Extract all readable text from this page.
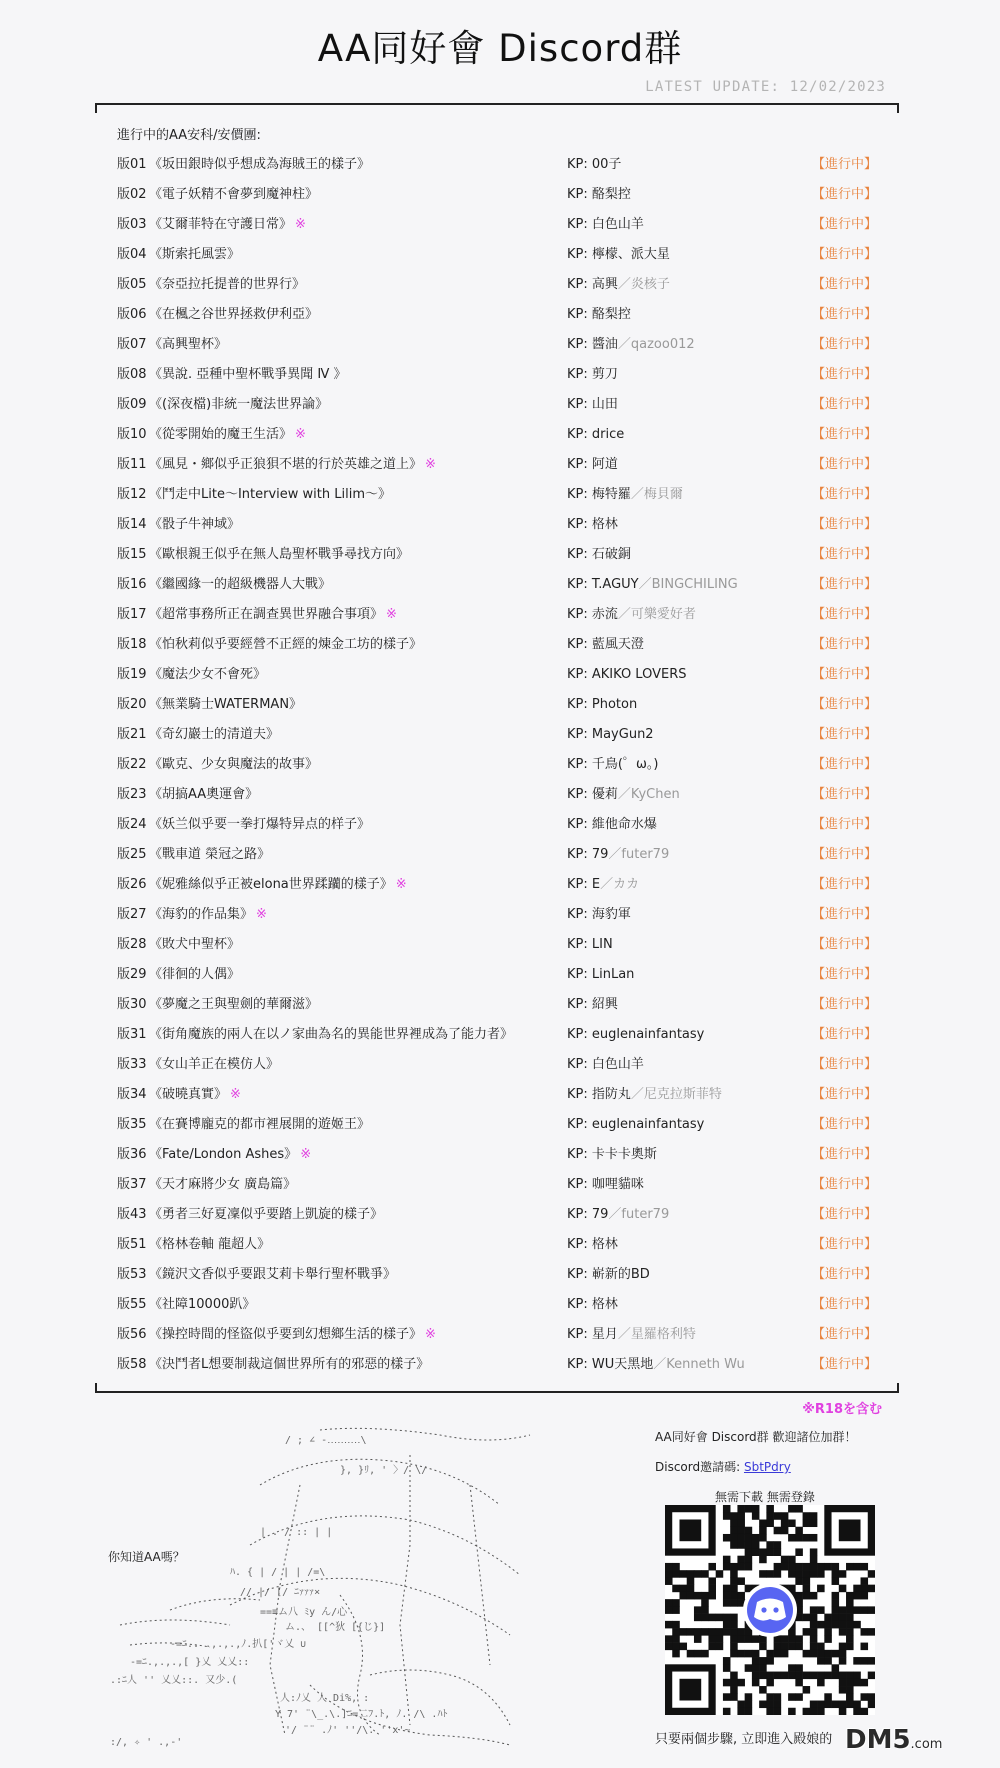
AA同好會 Discord群
LATEST UPDATE: 12/02/2023
進行中的AA安科/安價團:
版01 《坂田銀時似乎想成為海賊王的樣子》	KP: 00子	【進行中】
版02 《電子妖精不會夢到魔神柱》	KP: 酪梨控	【進行中】
版03 《艾爾菲特在守護日常》 ※	KP: 白色山羊	【進行中】
版04 《斯索托風雲》	KP: 檸檬、派大星	【進行中】
版05 《奈亞拉托提普的世界行》	KP: 高興／炎核子	【進行中】
版06 《在楓之谷世界拯救伊利亞》	KP: 酪梨控	【進行中】
版07 《高興聖杯》	KP: 醬油／qazoo012	【進行中】
版08 《異說. 亞種中聖杯戰爭異聞 Ⅳ 》	KP: 剪刀	【進行中】
版09 《(深夜檔)非統一魔法世界論》	KP: 山田	【進行中】
版10 《從零開始的魔王生活》 ※	KP: drice	【進行中】
版11 《風見・鄉似乎正狼狽不堪的行於英雄之道上》 ※	KP: 阿道	【進行中】
版12 《鬥走中Lite～Interview with Lilim～》	KP: 梅特羅／梅貝爾	【進行中】
版14 《骰子牛神域》	KP: 格林	【進行中】
版15 《歐根親王似乎在無人島聖杯戰爭尋找方向》	KP: 石破銅	【進行中】
版16 《繼國緣一的超級機器人大戰》	KP: T.AGUY／BINGCHILING	【進行中】
版17 《超常事務所正在調查異世界融合事項》 ※	KP: 赤流／可樂愛好者	【進行中】
版18 《怕秋莉似乎要經營不正經的煉金工坊的樣子》	KP: 藍風天澄	【進行中】
版19 《魔法少女不會死》	KP: AKIKO LOVERS	【進行中】
版20 《無業騎士WATERMAN》	KP: Photon	【進行中】
版21 《奇幻巖士的清道夫》	KP: MayGun2	【進行中】
版22 《歐克、少女與魔法的故事》	KP: 千鳥(゜ω。)	【進行中】
版23 《胡搞AA奧運會》	KP: 優莉／KyChen	【進行中】
版24 《妖兰似乎要一拳打爆特异点的样子》	KP: 維他命水爆	【進行中】
版25 《戰車道 榮冠之路》	KP: 79／futer79	【進行中】
版26 《妮雅絲似乎正被elona世界蹂躪的樣子》 ※	KP: E／カカ	【進行中】
版27 《海豹的作品集》 ※	KP: 海豹軍	【進行中】
版28 《敗犬中聖杯》	KP: LIN	【進行中】
版29 《徘徊的人偶》	KP: LinLan	【進行中】
版30 《夢魔之王與聖劍的華爾滋》	KP: 紹興	【進行中】
版31 《街角魔族的兩人在以ノ家曲為名的異能世界裡成為了能力者》	KP: euglenainfantasy	【進行中】
版33 《女山羊正在模仿人》	KP: 白色山羊	【進行中】
版34 《破曉真實》 ※	KP: 指防丸／尼克拉斯菲特	【進行中】
版35 《在賽博龐克的都市裡展開的遊姬王》	KP: euglenainfantasy	【進行中】
版36 《Fate/London Ashes》 ※	KP: 卡卡卡奧斯	【進行中】
版37 《天才麻將少女 廣島篇》	KP: 咖哩貓咪	【進行中】
版43 《勇者三好夏凜似乎要踏上凱旋的樣子》	KP: 79／futer79	【進行中】
版51 《格林卷軸 龍超人》	KP: 格林	【進行中】
版53 《鏡沢文香似乎要跟艾莉卡舉行聖杯戰爭》	KP: 嶄新的BD	【進行中】
版55 《社障10000趴》	KP: 格林	【進行中】
版56 《操控時間的怪盜似乎要到幻想鄉生活的樣子》 ※	KP: 星月／星羅格利特	【進行中】
版58 《決鬥者L想要制裁這個世界所有的邪惡的樣子》	KP: WU天黑地／Kenneth Wu	【進行中】
※R18を含む
/ ; ∠ -‥‥‥‥‥\
}, }ﾘ, ' 〉/ \/
| . / :: | |
ﾊ. { | / | | /=\
// |/ [/ ﾆｧｧｧ×
==≡ム八 ﾐy ん/心
ム.、 [[^狄 [{じ}]
-=ﾆ.. .,.,.,ﾉ.扒['ヾ乂 ∪
-=ﾆ.,.,.,[ }乂 乂乂::
.:ﾆ人 '' 乂乂::. 又少.(
人:ﾉ乂 人 Di%, :
Y 7' ¨\_.\.]ﾆ=二ﾌ.ﾄ, ﾉ. /\ .ﾊﾄ
'/ ¨¨ .ﾉ' ''/\. ''x'~
:/, ✧ ' .,-'
你知道AA嗎？
AA同好會 Discord群 歡迎諸位加群！
Discord邀請碼: SbtPdry
無需下載 無需登錄
只要兩個步驟, 立即進入殿娘的 DM5.com
